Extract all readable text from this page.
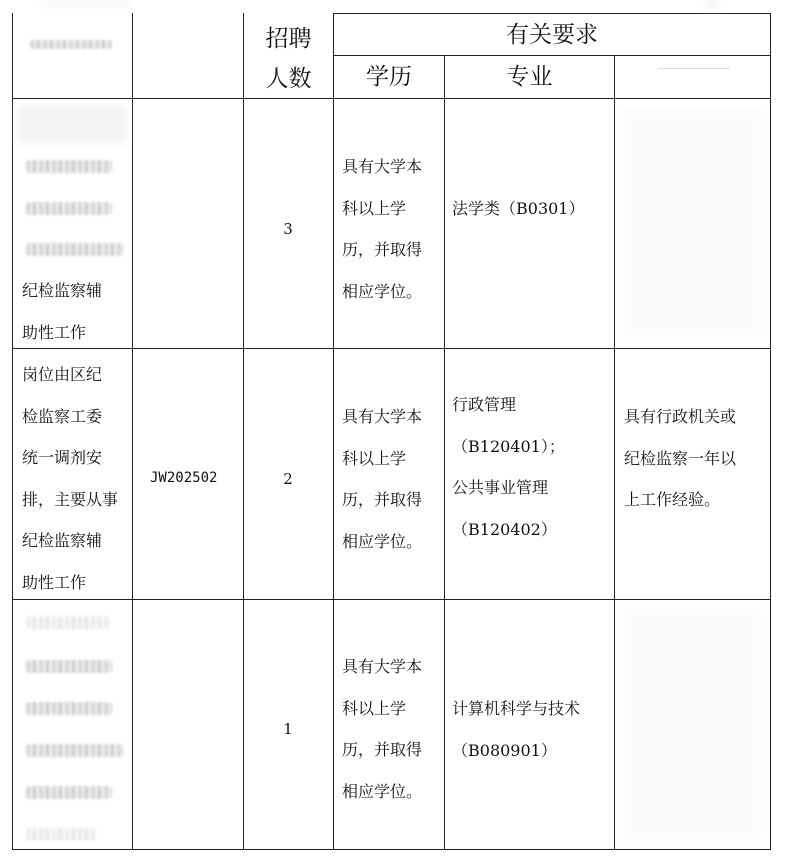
招聘
人数
有关要求
学历	专业
纪检监察辅
助性工作
3
具有大学本
科以上学
历，并取得
相应学位。
法学类（B0301）
岗位由区纪
检监察工委
统一调剂安
排，主要从事
纪检监察辅
助性工作
JW202502	2
具有大学本
科以上学
历，并取得
相应学位。
行政管理
（B120401）；
公共事业管理
（B120402）
具有行政机关或
纪检监察一年以
上工作经验。
1
具有大学本
科以上学
历，并取得
相应学位。
计算机科学与技术
（B080901）
